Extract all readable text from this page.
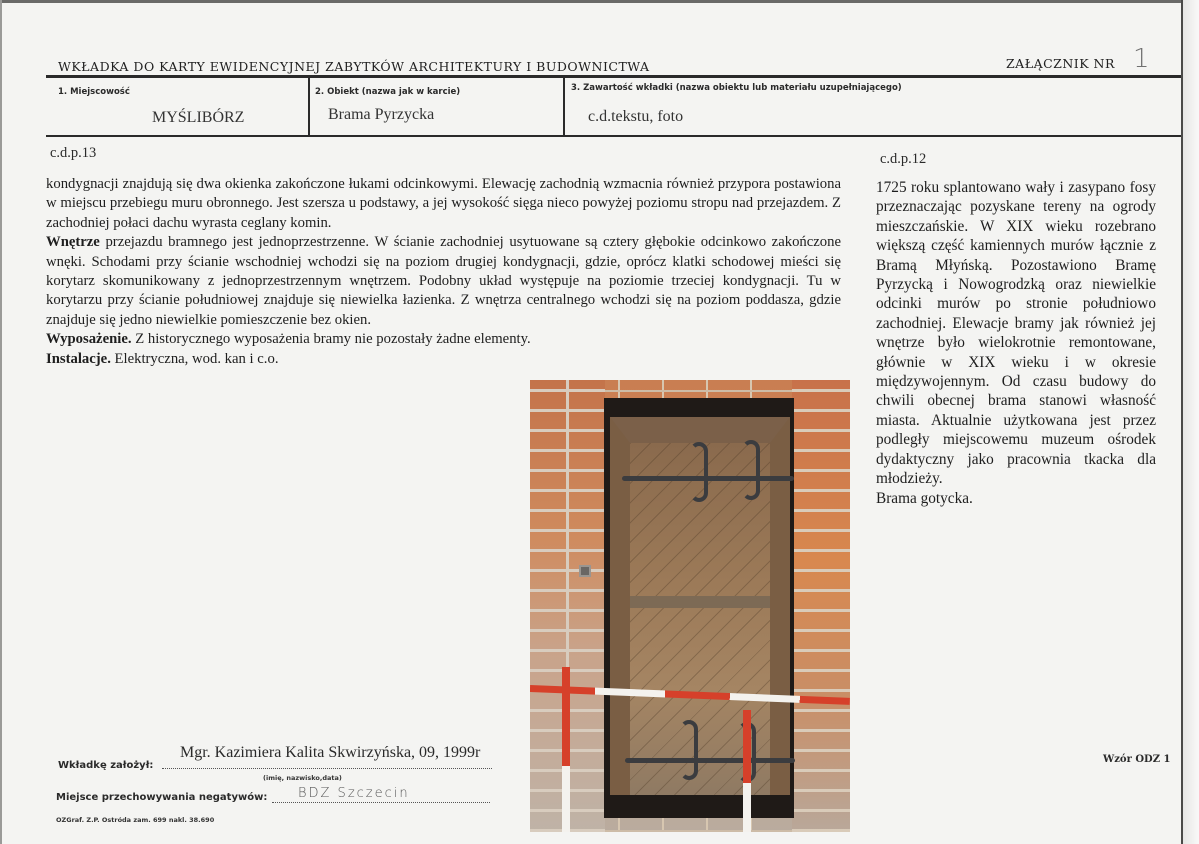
WKŁADKA DO KARTY EWIDENCYJNEJ ZABYTKÓW ARCHITEKTURY I BUDOWNICTWA	ZAŁĄCZNIK NR 1
1. Miejscowość
MYŚLIBÓRZ
2. Obiekt (nazwa jak w karcie)
Brama Pyrzycka
3. Zawartość wkładki (nazwa obiektu lub materiału uzupełniającego)
c.d.tekstu, foto
c.d.p.13	c.d.p.12

kondygnacji znajdują się dwa okienka zakończone łukami odcinkowymi. Elewację zachodnią wzmacnia również przypora postawiona w miejscu przebiegu muru obronnego. Jest szersza u podstawy, a jej wysokość sięga nieco powyżej poziomu stropu nad przejazdem. Z zachodniej połaci dachu wyrasta ceglany komin.

Wnętrze przejazdu bramnego jest jednoprzestrzenne. W ścianie zachodniej usytuowane są cztery głębokie odcinkowo zakończone wnęki. Schodami przy ścianie wschodniej wchodzi się na poziom drugiej kondygnacji, gdzie, oprócz klatki schodowej mieści się korytarz skomunikowany z jednoprzestrzennym wnętrzem. Podobny układ występuje na poziomie trzeciej kondygnacji. Tu w korytarzu przy ścianie południowej znajduje się niewielka łazienka. Z wnętrza centralnego wchodzi się na poziom poddasza, gdzie znajduje się jedno niewielkie pomieszczenie bez okien.

Wyposażenie. Z historycznego wyposażenia bramy nie pozostały żadne elementy.

Instalacje. Elektryczna, wod. kan i c.o.

1725 roku splantowano wały i zasypano fosy przeznaczając pozyskane tereny na ogrody mieszczańskie. W XIX wieku rozebrano większą część kamiennych murów łącznie z Bramą Młyńską. Pozostawiono Bramę Pyrzycką i Nowogrodzką oraz niewielkie odcinki murów po stronie południowo zachodniej. Elewacje bramy jak również jej wnętrze było wielokrotnie remontowane, głównie w XIX wieku i w okresie międzywojennym. Od czasu budowy do chwili obecnej brama stanowi własność miasta. Aktualnie użytkowana jest przez podległy miejscowemu muzeum ośrodek dydaktyczny jako pracownia tkacka dla młodzieży.

Brama gotycka.

Wkładkę założył:
Mgr. Kazimiera Kalita Skwirzyńska, 09, 1999r
(imię, nazwisko,data)
Miejsce przechowywania negatywów: BDZ Szczecin
OZGraf. Z.P. Ostróda zam. 699 nakl. 38.690
Wzór ODZ 1
